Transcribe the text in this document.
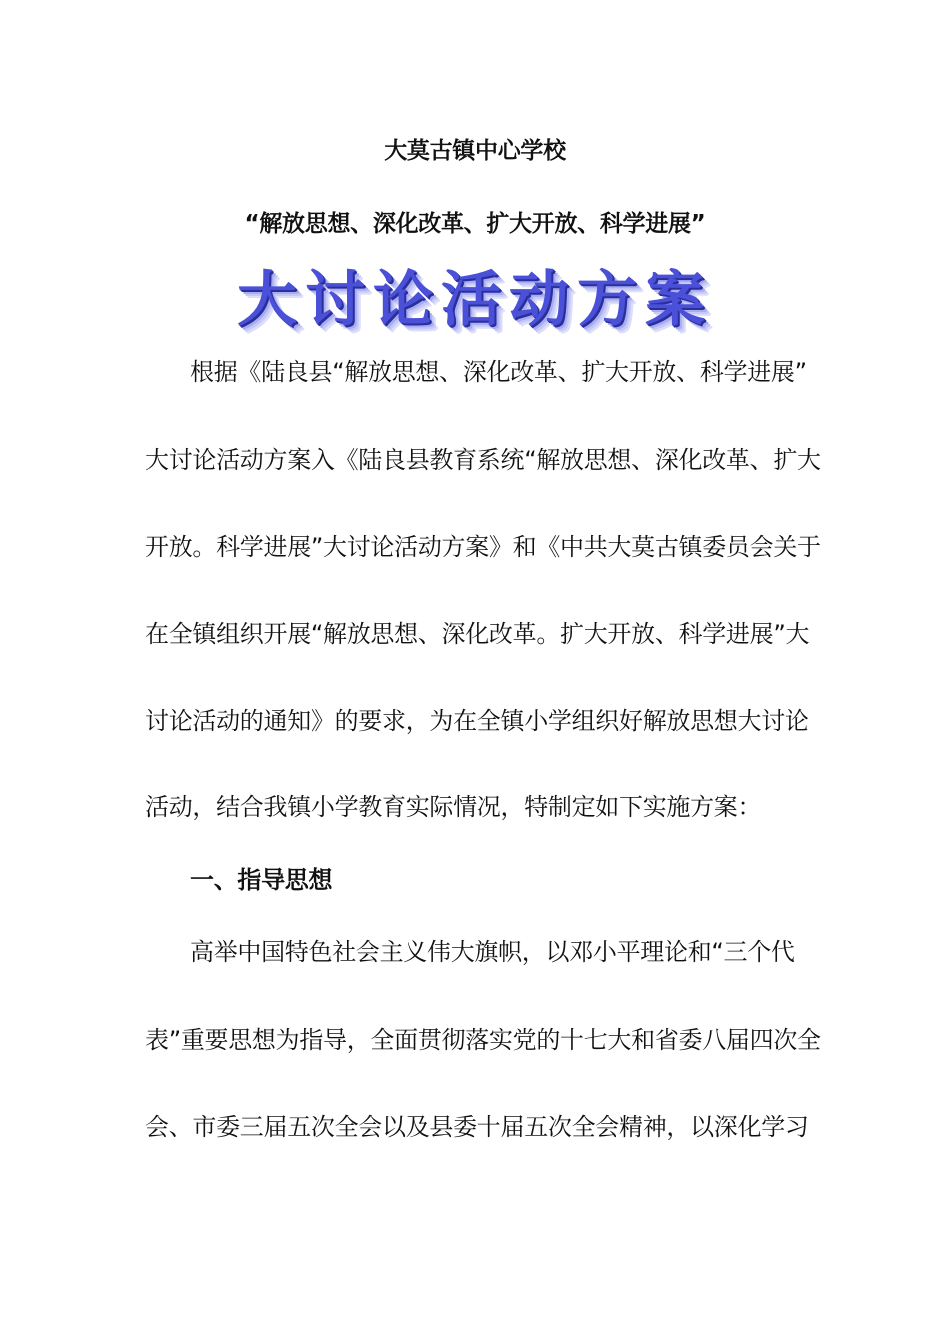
大莫古镇中心学校
“解放思想、深化改革、扩大开放、科学进展”
大讨论活动方案
根据《陆良县“解放思想、深化改革、扩大开放、科学进展”
大讨论活动方案入《陆良县教育系统“解放思想、深化改革、扩大
开放。科学进展”大讨论活动方案》和《中共大莫古镇委员会关于
在全镇组织开展“解放思想、深化改革。扩大开放、科学进展”大
讨论活动的通知》的要求，为在全镇小学组织好解放思想大讨论
活动，结合我镇小学教育实际情况，特制定如下实施方案：
一、指导思想
高举中国特色社会主义伟大旗帜，以邓小平理论和“三个代
表”重要思想为指导，全面贯彻落实党的十七大和省委八届四次全
会、市委三届五次全会以及县委十届五次全会精神，以深化学习
